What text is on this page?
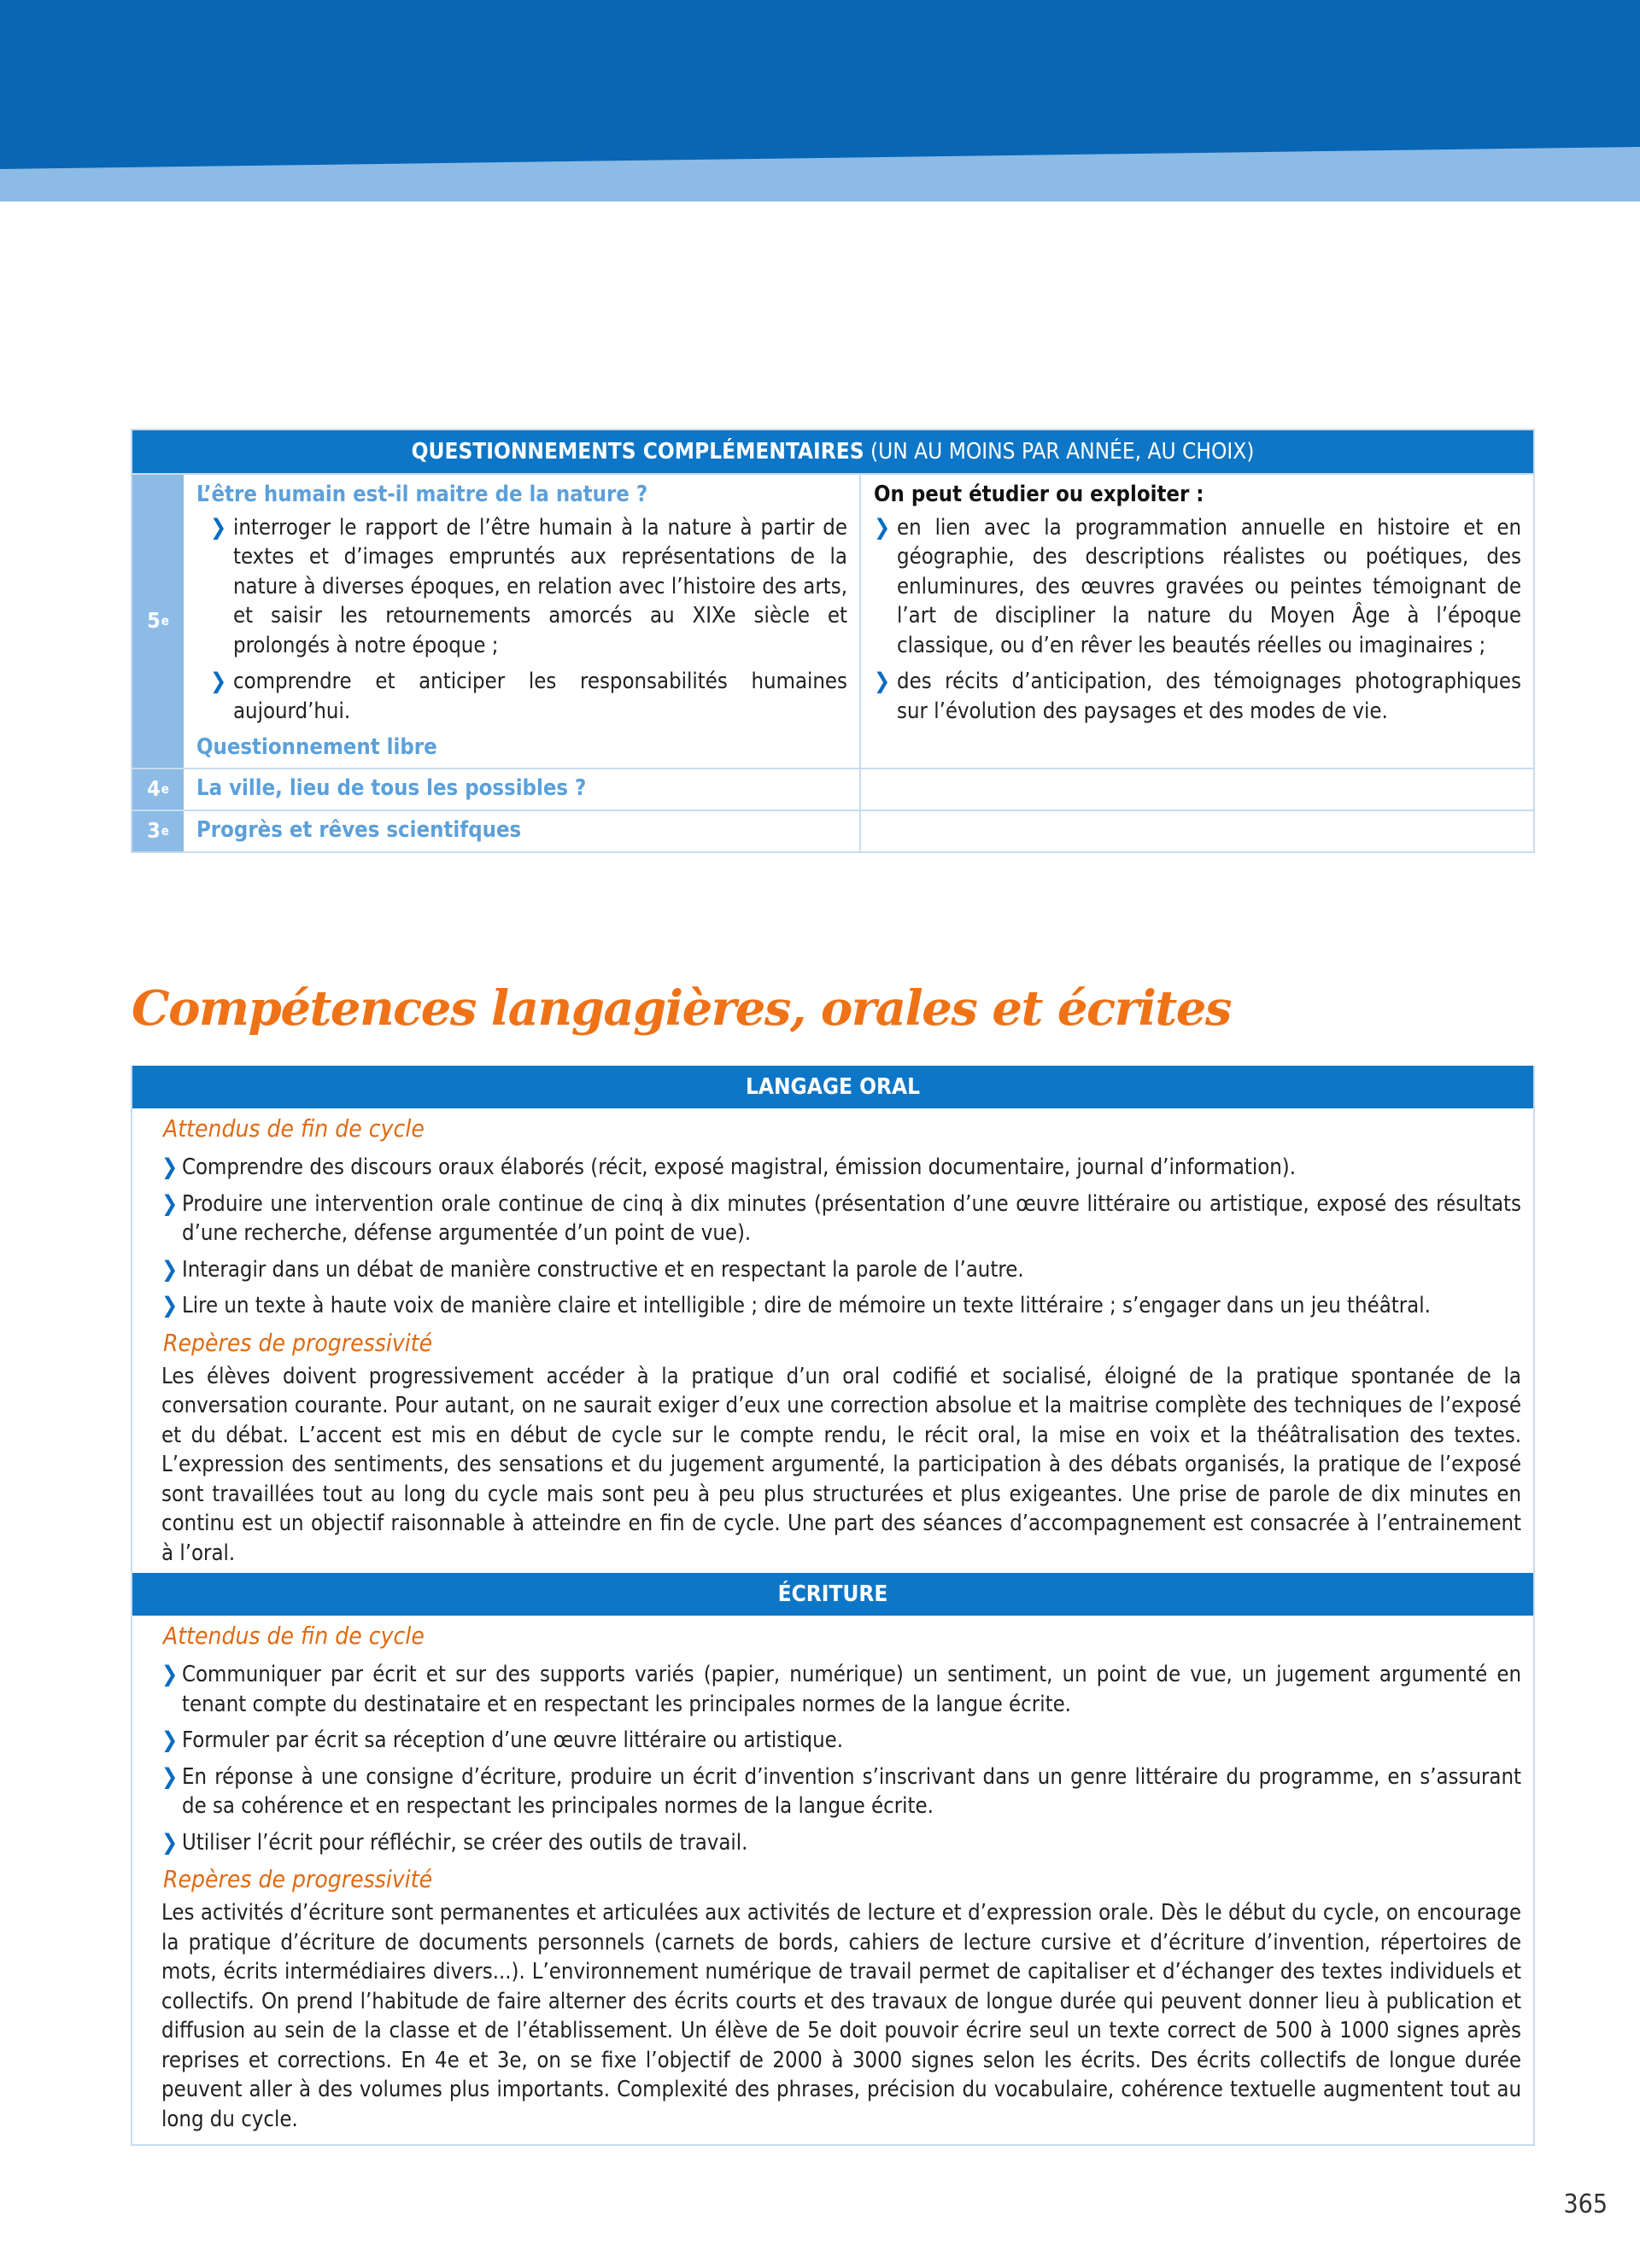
QUESTIONNEMENTS COMPLÉMENTAIRES (UN AU MOINS PAR ANNÉE, AU CHOIX)
5 e
L’être humain est-il maitre de la nature ?
❯ interroger le rapport de l’être humain à la nature à partir de textes et d’images empruntés aux représentations de la nature à diverses époques, en relation avec l’histoire des arts, et saisir les retournements amorcés au XIXe siècle et prolongés à notre époque ;
❯ comprendre et anticiper les responsabilités humaines aujourd’hui.
Questionnement libre
On peut étudier ou exploiter :
❯ en lien avec la programmation annuelle en histoire et en géographie, des descriptions réalistes ou poétiques, des enluminures, des œuvres gravées ou peintes témoignant de l’art de discipliner la nature du Moyen Âge à l’époque classique, ou d’en rêver les beautés réelles ou imaginaires ;
❯ des récits d’anticipation, des témoignages photographiques sur l’évolution des paysages et des modes de vie.
4 e La ville, lieu de tous les possibles ?
3 e Progrès et rêves scientifques
Compétences langagières, orales et écrites
LANGAGE ORAL
Attendus de fin de cycle
❯ Comprendre des discours oraux élaborés (récit, exposé magistral, émission documentaire, journal d’information).
❯ Produire une intervention orale continue de cinq à dix minutes (présentation d’une œuvre littéraire ou artistique, exposé des résultats d’une recherche, défense argumentée d’un point de vue).
❯ Interagir dans un débat de manière constructive et en respectant la parole de l’autre.
❯ Lire un texte à haute voix de manière claire et intelligible ; dire de mémoire un texte littéraire ; s’engager dans un jeu théâtral.
Repères de progressivité
Les élèves doivent progressivement accéder à la pratique d’un oral codifié et socialisé, éloigné de la pratique spontanée de la conversation courante. Pour autant, on ne saurait exiger d’eux une correction absolue et la maitrise complète des techniques de l’exposé et du débat. L’accent est mis en début de cycle sur le compte rendu, le récit oral, la mise en voix et la théâtralisation des textes. L’expression des sentiments, des sensations et du jugement argumenté, la participation à des débats organisés, la pratique de l’exposé sont travaillées tout au long du cycle mais sont peu à peu plus structurées et plus exigeantes. Une prise de parole de dix minutes en continu est un objectif raisonnable à atteindre en fin de cycle. Une part des séances d’accompagnement est consacrée à l’entrainement à l’oral.
ÉCRITURE
Attendus de fin de cycle
❯ Communiquer par écrit et sur des supports variés (papier, numérique) un sentiment, un point de vue, un jugement argumenté en tenant compte du destinataire et en respectant les principales normes de la langue écrite.
❯ Formuler par écrit sa réception d’une œuvre littéraire ou artistique.
❯ En réponse à une consigne d’écriture, produire un écrit d’invention s’inscrivant dans un genre littéraire du programme, en s’assurant de sa cohérence et en respectant les principales normes de la langue écrite.
❯ Utiliser l’écrit pour réfléchir, se créer des outils de travail.
Repères de progressivité
Les activités d’écriture sont permanentes et articulées aux activités de lecture et d’expression orale. Dès le début du cycle, on encourage la pratique d’écriture de documents personnels (carnets de bords, cahiers de lecture cursive et d’écriture d’invention, répertoires de mots, écrits intermédiaires divers...). L’environnement numérique de travail permet de capitaliser et d’échanger des textes individuels et collectifs. On prend l’habitude de faire alterner des écrits courts et des travaux de longue durée qui peuvent donner lieu à publication et diffusion au sein de la classe et de l’établissement. Un élève de 5e doit pouvoir écrire seul un texte correct de 500 à 1000 signes après reprises et corrections. En 4e et 3e, on se fixe l’objectif de 2000 à 3000 signes selon les écrits. Des écrits collectifs de longue durée peuvent aller à des volumes plus importants. Complexité des phrases, précision du vocabulaire, cohérence textuelle augmentent tout au long du cycle.
365
